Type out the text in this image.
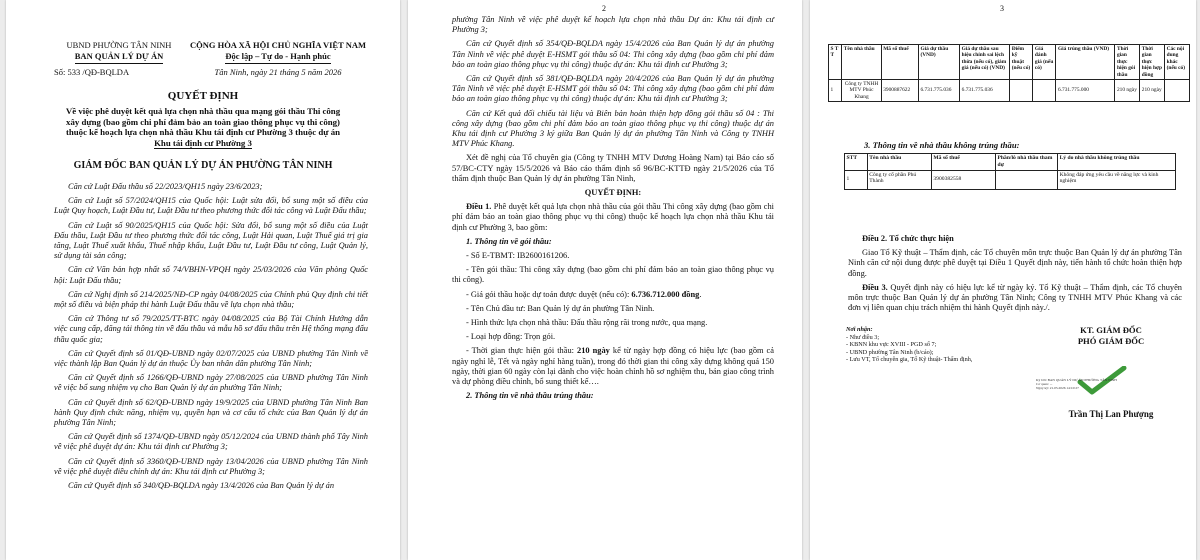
UBND PHƯỜNG TÂN NINH
BAN QUẢN LÝ DỰ ÁN
Số: 533 /QĐ-BQLDA
CỘNG HÒA XÃ HỘI CHỦ NGHĨA VIỆT NAM
Độc lập – Tự do - Hạnh phúc
Tân Ninh, ngày 21 tháng 5 năm 2026
QUYẾT ĐỊNH
Về việc phê duyệt kết quả lựa chọn nhà thầu qua mạng gói thầu Thi công xây dựng (bao gồm chi phí đảm bảo an toàn giao thông phục vụ thi công) thuộc kế hoạch lựa chọn nhà thầu Khu tái định cư Phường 3 thuộc dự án Khu tái định cư Phường 3
GIÁM ĐỐC BAN QUẢN LÝ DỰ ÁN PHƯỜNG TÂN NINH

Căn cứ Luật Đấu thầu số 22/2023/QH15 ngày 23/6/2023;

Căn cứ Luật số 57/2024/QH15 của Quốc hội: Luật sửa đổi, bổ sung một số điều của Luật Quy hoạch, Luật Đầu tư, Luật Đầu tư theo phương thức đối tác công và Luật Đấu thầu;

Căn cứ Luật số 90/2025/QH15 của Quốc hội: Sửa đổi, bổ sung một số điều của Luật Đấu thầu, Luật Đầu tư theo phương thức đối tác công, Luật Hải quan, Luật Thuế giá trị gia tăng, Luật Thuế xuất khẩu, Thuế nhập khẩu, Luật Đầu tư, Luật Đầu tư công, Luật Quản lý, sử dụng tài sản công;

Căn cứ Văn bản hợp nhất số 74/VBHN-VPQH ngày 25/03/2026 của Văn phòng Quốc hội: Luật Đấu thầu;

Căn cứ Nghị định số 214/2025/NĐ-CP ngày 04/08/2025 của Chính phủ Quy định chi tiết một số điều và biện pháp thi hành Luật Đấu thầu về lựa chọn nhà thầu;

Căn cứ Thông tư số 79/2025/TT-BTC ngày 04/08/2025 của Bộ Tài Chính Hướng dẫn việc cung cấp, đăng tải thông tin về đấu thầu và mẫu hồ sơ đấu thầu trên Hệ thống mạng đấu thầu quốc gia;

Căn cứ Quyết định số 01/QĐ-UBND ngày 02/07/2025 của UBND phường Tân Ninh về việc thành lập Ban Quản lý dự án thuộc Ủy ban nhân dân phường Tân Ninh;

Căn cứ Quyết định số 1266/QĐ-UBND ngày 27/08/2025 của UBND phường Tân Ninh về việc bổ sung nhiệm vụ cho Ban Quản lý dự án phường Tân Ninh;

Căn cứ Quyết định số 62/QĐ-UBND ngày 19/9/2025 của UBND phường Tân Ninh Ban hành Quy định chức năng, nhiệm vụ, quyền hạn và cơ cấu tổ chức của Ban Quản lý dự án phường Tân Ninh;

Căn cứ Quyết định số 1374/QĐ-UBND ngày 05/12/2024 của UBND thành phố Tây Ninh về việc phê duyệt dự án: Khu tái định cư Phường 3;

Căn cứ Quyết định số 3360/QĐ-UBND ngày 13/04/2026 của UBND phường Tân Ninh về việc phê duyệt điều chỉnh dự án: Khu tái định cư Phường 3;

Căn cứ Quyết định số 340/QĐ-BQLDA ngày 13/4/2026 của Ban Quản lý dự án

2

phường Tân Ninh về việc phê duyệt kế hoạch lựa chọn nhà thầu Dự án: Khu tái định cư Phường 3;

Căn cứ Quyết định số 354/QĐ-BQLDA ngày 15/4/2026 của Ban Quản lý dự án phường Tân Ninh về việc phê duyệt E-HSMT gói thầu số 04: Thi công xây dựng (bao gồm chi phí đảm bảo an toàn giao thông phục vụ thi công) thuộc dự án: Khu tái định cư Phường 3;

Căn cứ Quyết định số 381/QĐ-BQLDA ngày 20/4/2026 của Ban Quản lý dự án phường Tân Ninh về việc phê duyệt E-HSMT gói thầu số 04: Thi công xây dựng (bao gồm chi phí đảm bảo an toàn giao thông phục vụ thi công) thuộc dự án: Khu tái định cư Phường 3;

Căn cứ Kết quả đối chiếu tài liệu và Biên bản hoàn thiện hợp đồng gói thầu số 04 : Thi công xây dựng (bao gồm chi phí đảm bảo an toàn giao thông phục vụ thi công) thuộc dự án Khu tái định cư Phường 3 ký giữa Ban Quản lý dự án phường Tân Ninh và Công ty TNHH MTV Phúc Khang.

Xét đề nghị của Tổ chuyên gia (Công ty TNHH MTV Dương Hoàng Nam) tại Báo cáo số 57/BC-CTY ngày 15/5/2026 và Báo cáo thẩm định số 96/BC-KTTĐ ngày 21/5/2026 của Tổ thẩm định thuộc Ban Quản lý dự án phường Tân Ninh,

QUYẾT ĐỊNH:

Điều 1. Phê duyệt kết quả lựa chọn nhà thầu của gói thầu Thi công xây dựng (bao gồm chi phí đảm bảo an toàn giao thông phục vụ thi công) thuộc kế hoạch lựa chọn nhà thầu Khu tái định cư Phường 3, bao gồm:

1. Thông tin về gói thầu:

- Số E-TBMT: IB2600161206.

- Tên gói thầu: Thi công xây dựng (bao gồm chi phí đảm bảo an toàn giao thông phục vụ thi công).

- Giá gói thầu hoặc dự toán được duyệt (nếu có): 6.736.712.000 đồng.

- Tên Chủ đầu tư: Ban Quản lý dự án phường Tân Ninh.

- Hình thức lựa chọn nhà thầu: Đấu thầu rộng rãi trong nước, qua mạng.

- Loại hợp đồng: Trọn gói.

- Thời gian thực hiện gói thầu: 210 ngày kể từ ngày hợp đồng có hiệu lực (bao gồm cả ngày nghỉ lễ, Tết và ngày nghỉ hàng tuần), trong đó thời gian thi công xây dựng không quá 150 ngày, thời gian 60 ngày còn lại dành cho việc hoàn chỉnh hồ sơ nghiệm thu, bản giao công trình và dự phòng điều chỉnh, bổ sung thiết kế….

2. Thông tin về nhà thầu trúng thầu:

3
S T T	Tên nhà thầu	Mã số thuế	Giá dự thầu (VND)	Giá dự thầu sau hiệu chỉnh sai lệch thừa (nếu có), giảm giá (nếu có) (VND)	Điểm kỹ thuật (nếu có)	Giá đánh giá (nếu có)	Giá trúng thầu (VND)	Thời gian thực hiện gói thầu	Thời gian thực hiện hợp đồng	Các nội dung khác (nếu có)
1	Công ty TNHH MTV Phúc Khang	3900887622	6.731.775.036	6.731.775.036			6.731.775.000	210 ngày	210 ngày	
3. Thông tin về nhà thầu không trúng thầu:
STT	Tên nhà thầu	Mã số thuế	Phần/lô nhà thầu tham dự	Lý do nhà thầu không trúng thầu
1	Công ty cổ phần Phú Thành	3900382558		Không đáp ứng yêu cầu về năng lực và kinh nghiệm

Điều 2. Tổ chức thực hiện

Giao Tổ Kỹ thuật – Thẩm định, các Tổ chuyên môn trực thuộc Ban Quản lý dự án phường Tân Ninh căn cứ nội dung được phê duyệt tại Điều 1 Quyết định này, tiến hành tổ chức hoàn thiện hợp đồng.

Điều 3. Quyết định này có hiệu lực kể từ ngày ký. Tổ Kỹ thuật – Thẩm định, các Tổ chuyên môn trực thuộc Ban Quản lý dự án phường Tân Ninh; Công ty TNHH MTV Phúc Khang và các đơn vị liên quan chịu trách nhiệm thi hành Quyết định này./.

Nơi nhận:
- Như điều 3;
- KBNN khu vực XVIII - PGD số 7;
- UBND phường Tân Ninh (b/cáo);
- Lưu VT, Tổ chuyên gia, Tổ Kỹ thuật- Thẩm định,
KT. GIÁM ĐỐC
PHÓ GIÁM ĐỐC
Ký bởi: BAN QUẢN LÝ DỰ ÁN PHƯỜNG TÂN NINH
Cơ quan: ...
Ngày ký: 21.05.2026 14:10:27
Trần Thị Lan Phượng
